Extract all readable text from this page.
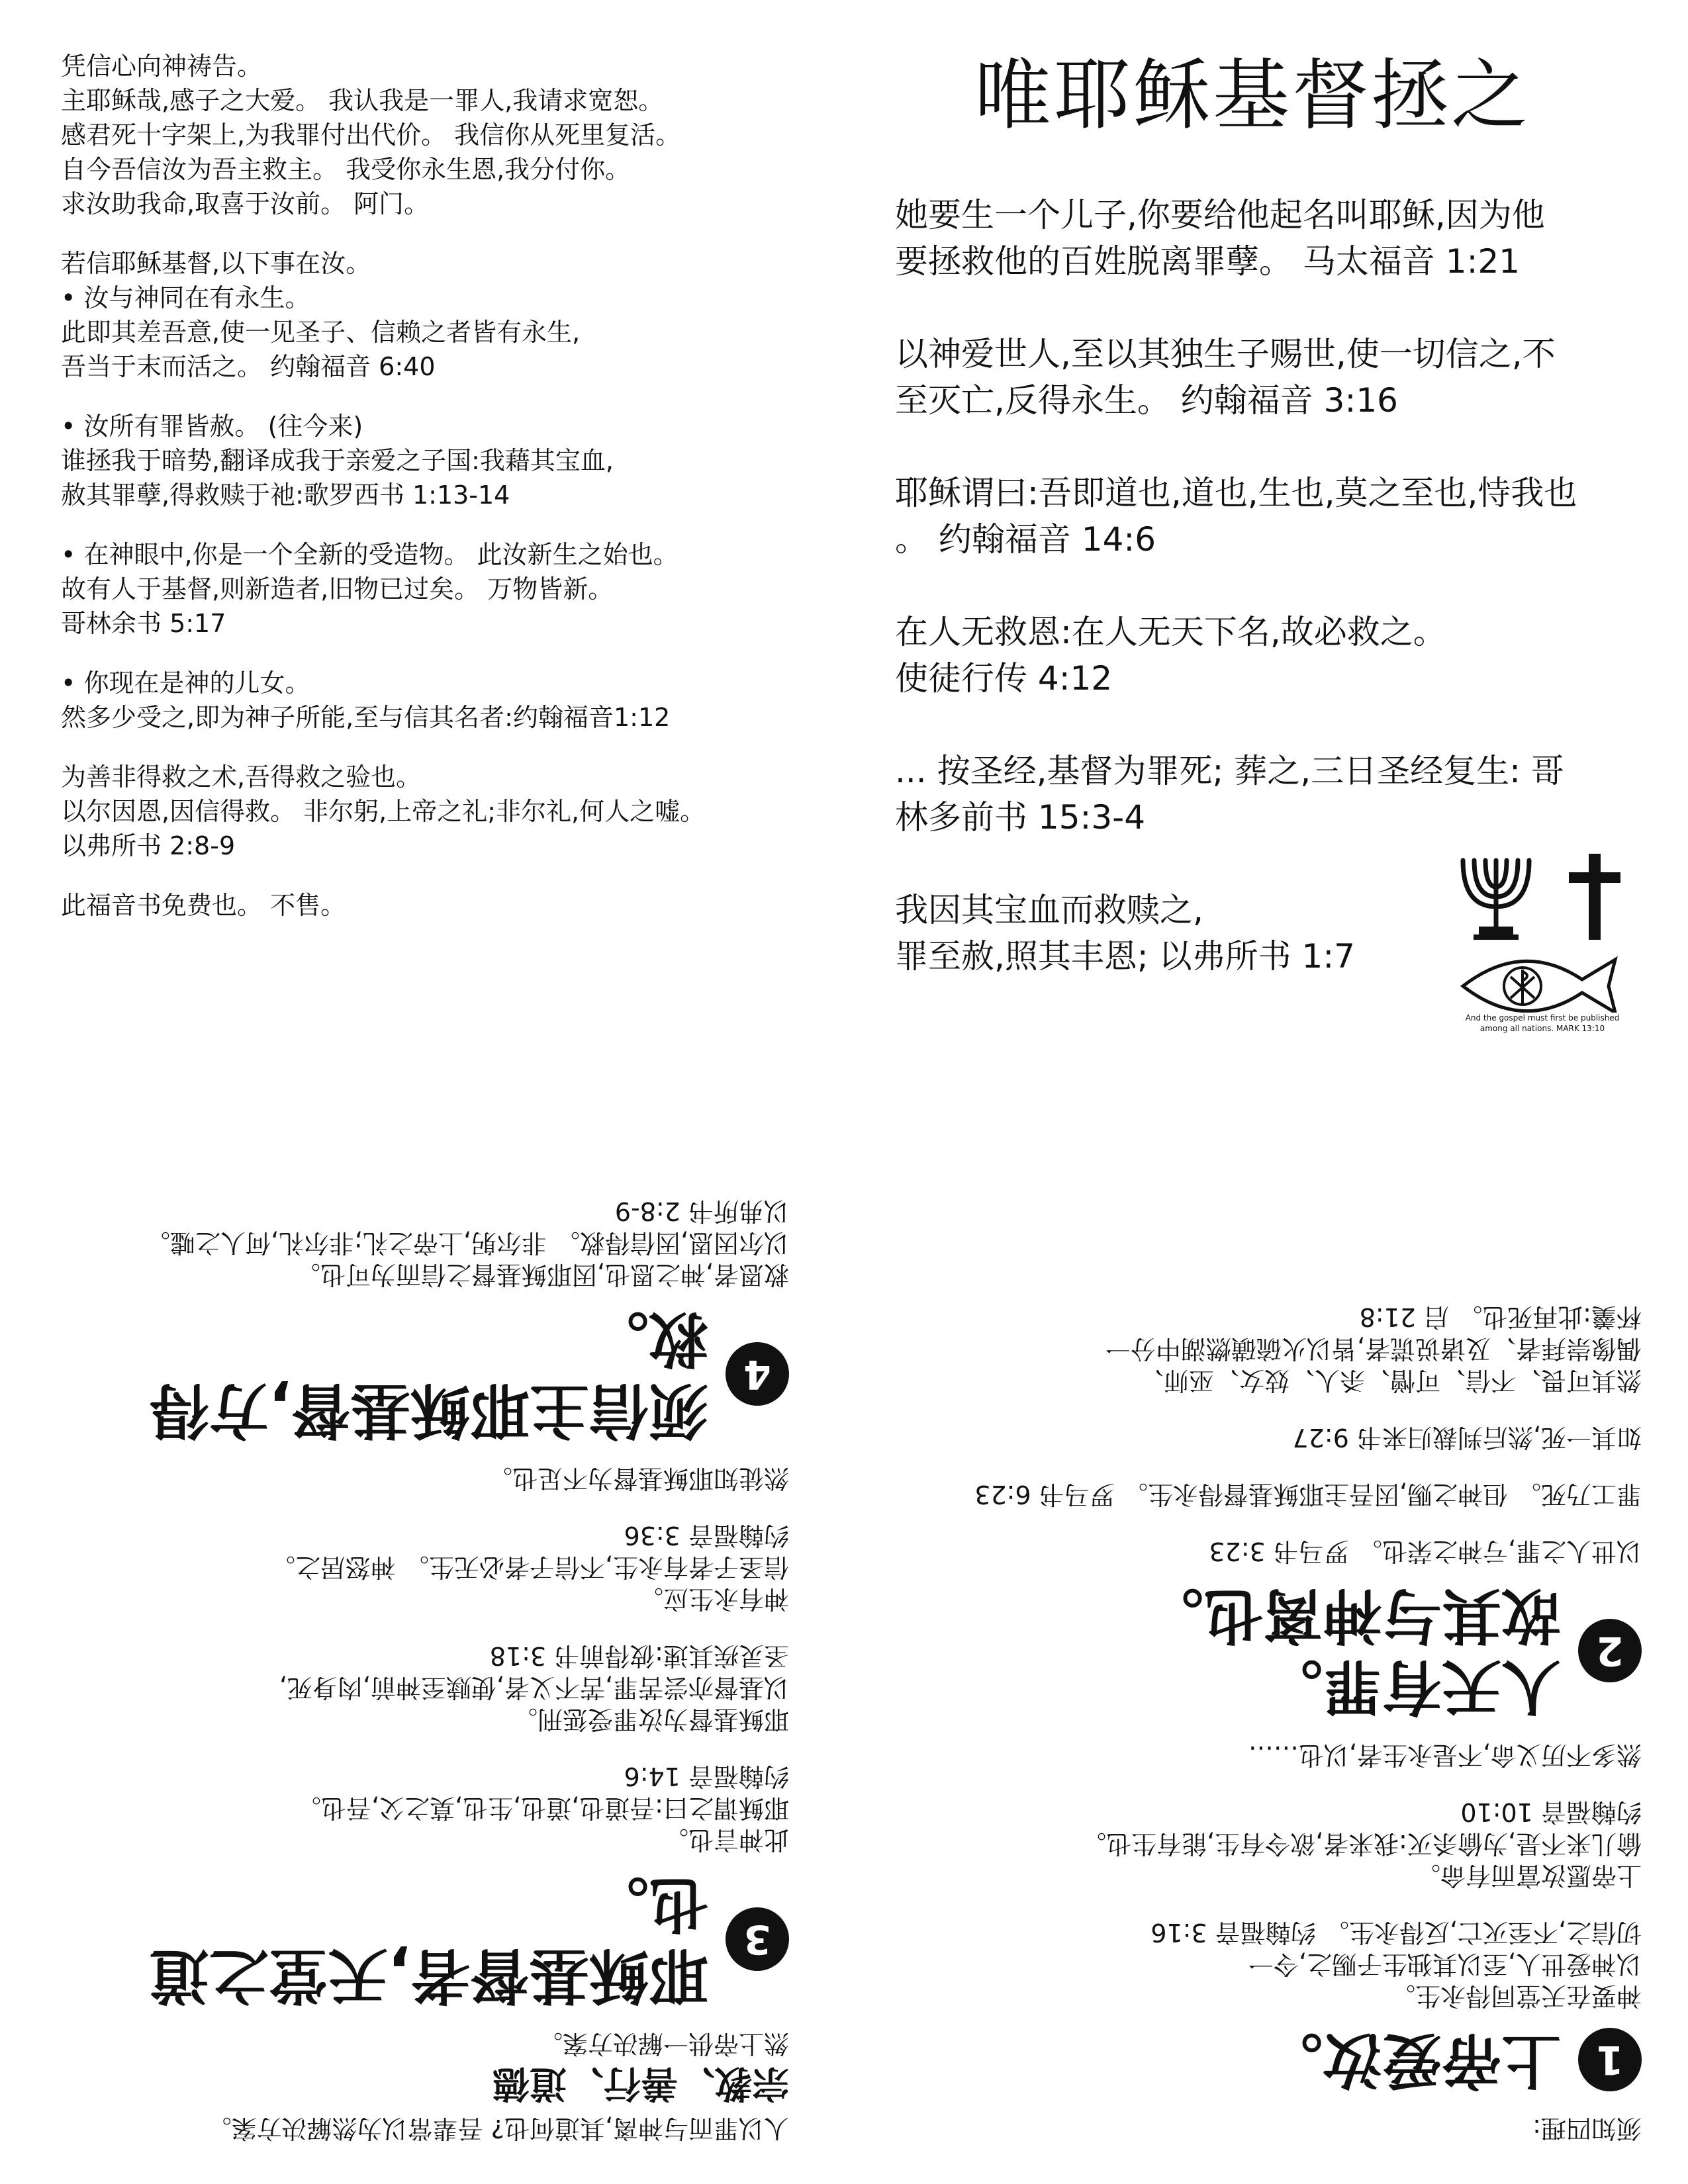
凭信心向神祷告。
主耶稣哉,感子之大爱。 我认我是一罪人,我请求宽恕。
感君死十字架上,为我罪付出代价。 我信你从死里复活。
自今吾信汝为吾主救主。 我受你永生恩,我分付你。
求汝助我命,取喜于汝前。 阿门。
若信耶稣基督,以下事在汝。
• 汝与神同在有永生。
此即其差吾意,使一见圣子、信赖之者皆有永生,
吾当于末而活之。 约翰福音 6:40
• 汝所有罪皆赦。 (往今来)
谁拯我于暗势,翻译成我于亲爱之子国:我藉其宝血,
赦其罪孽,得救赎于祂:歌罗西书 1:13-14
• 在神眼中,你是一个全新的受造物。 此汝新生之始也。
故有人于基督,则新造者,旧物已过矣。 万物皆新。
哥林余书 5:17
• 你现在是神的儿女。
然多少受之,即为神子所能,至与信其名者:约翰福音1:12
为善非得救之术,吾得救之验也。
以尔因恩,因信得救。 非尔躬,上帝之礼;非尔礼,何人之嘘。
以弗所书 2:8-9
此福音书免费也。 不售。
唯耶稣基督拯之
她要生一个儿子,你要给他起名叫耶稣,因为他
要拯救他的百姓脱离罪孽。 马太福音 1:21
以神爱世人,至以其独生子赐世,使一切信之,不
至灭亡,反得永生。 约翰福音 3:16
耶稣谓曰:吾即道也,道也,生也,莫之至也,恃我也
。 约翰福音 14:6
在人无救恩:在人无天下名,故必救之。
使徒行传 4:12
... 按圣经,基督为罪死; 葬之,三日圣经复生: 哥
林多前书 15:3-4
我因其宝血而救赎之,
罪至赦,照其丰恩; 以弗所书 1:7
And the gospel must first be published
among all nations. MARK 13:10
人以罪而与神离,其道何也? 吾辈常以为然解决方案。
宗教、善行、道德
然上帝供一解决方案。
3
耶稣基督者,天堂之道也。
此神言也。
耶稣谓之曰:吾道也,道也,生也,莫之父,吾也。
约翰福音 14:6
耶稣基督为汝罪受惩刑。
以基督亦尝苦罪,苦不义者,使赎至神前,肉身死,
圣灵疾其速:彼得前书 3:18
神有永生应。
信圣子者有永生,不信子者必无生。 神怒居之。
约翰福音 3:36
然徒知耶稣基督为不足也。
4
须信主耶稣基督,方得救。
救恩者,神之恩也,因耶稣基督之信而为可也。
以尔因恩,因信得救。 非尔躬,上帝之礼;非尔礼,何人之嘘。
以弗所书 2:8-9
须知四理:
1
上帝爱汝。
神要在天堂同得永生。
以神爱世人,至以其独生子赐之,令一
切信之,不至灭亡,反得永生。 约翰福音 3:16
上帝愿汝富而有命。
偷儿来不是,为偷杀灭:我来者,欲令有生,能有生也。
约翰福音 10:10
然多不历义命,不是永生者,以也……
2
人天有罪。
故其与神离也。
以世人之罪,亏神之荣也。 罗马书 3:23
罪工乃死。 但神之赐,因吾主耶稣基督得永生。 罗马书 6:23
如其一死,然后判裁归来书 9:27
然其可畏、不信、可憎、杀人、妓女、巫师、
偶像崇拜者、及诸说谎者,皆以火硫磺燃湖中分一
杯羹:此再死也。 启 21:8
